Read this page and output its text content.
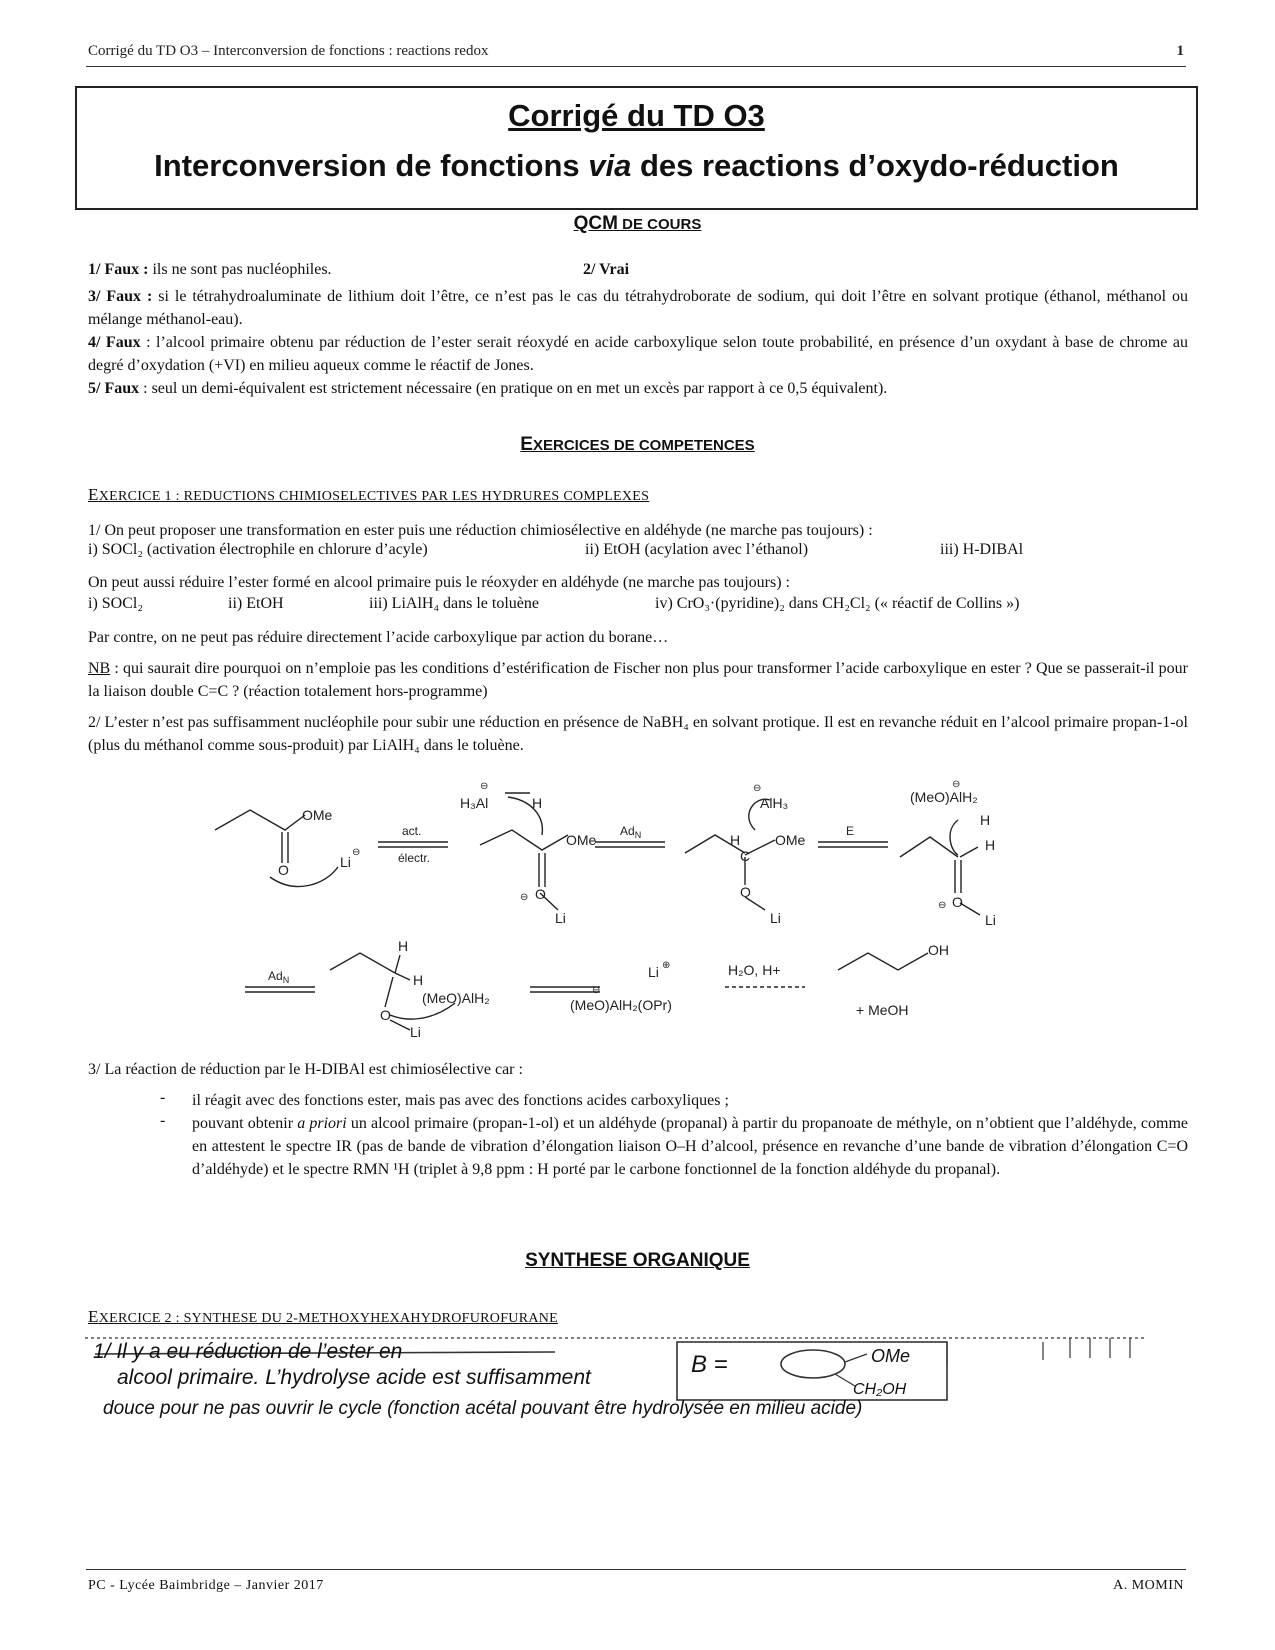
Corrigé du TD O3 – Interconversion de fonctions : reactions redox	1
Corrigé du TD O3
Interconversion de fonctions via des reactions d’oxydo-réduction
QCM DE COURS
1/ Faux : ils ne sont pas nucléophiles.	2/ Vrai
3/ Faux : si le tétrahydroaluminate de lithium doit l’être, ce n’est pas le cas du tétrahydroborate de sodium, qui doit l’être en solvant protique (éthanol, méthanol ou mélange méthanol-eau).
4/ Faux : l’alcool primaire obtenu par réduction de l’ester serait réoxydé en acide carboxylique selon toute probabilité, en présence d’un oxydant à base de chrome au degré d’oxydation (+VI) en milieu aqueux comme le réactif de Jones.
5/ Faux : seul un demi-équivalent est strictement nécessaire (en pratique on en met un excès par rapport à ce 0,5 équivalent).
EXERCICES DE COMPETENCES
EXERCICE 1 : REDUCTIONS CHIMIOSELECTIVES PAR LES HYDRURES COMPLEXES
1/ On peut proposer une transformation en ester puis une réduction chimiosélective en aldéhyde (ne marche pas toujours) :
i) SOCl₂ (activation électrophile en chlorure d’acyle)	ii) EtOH (acylation avec l’éthanol)	iii) H-DIBAl
On peut aussi réduire l’ester formé en alcool primaire puis le réoxyder en aldéhyde (ne marche pas toujours) :
i) SOCl₂	ii) EtOH	iii) LiAlH₄ dans le toluène	iv) CrO₃·(pyridine)₂ dans CH₂Cl₂ (« réactif de Collins »)
Par contre, on ne peut pas réduire directement l’acide carboxylique par action du borane…
NB : qui saurait dire pourquoi on n’emploie pas les conditions d’estérification de Fischer non plus pour transformer l’acide carboxylique en ester ? Que se passerait-il pour la liaison double C=C ? (réaction totalement hors-programme)
2/ L’ester n’est pas suffisamment nucléophile pour subir une réduction en présence de NaBH₄ en solvant protique. Il est en revanche réduit en l’alcool primaire propan-1-ol (plus du méthanol comme sous-produit) par LiAlH₄ dans le toluène.
OMe
O	Li
⊖
act.
électr.
H₃Al
⊖
H
OMe
O
⊖
Li
$Ad_N$
AlH₃
⊖
H
C
OMe
O
Li
E
(MeO)AlH₂
⊖
H
H
O
⊖
Li
$Ad_N$
H
H
O
Li
(MeO)AlH₂	(MeO)AlH₂(OPr)
⊖
Li ⊕	H₂O, H+
OH
+ MeOH
3/ La réaction de réduction par le H-DIBAl est chimiosélective car :
- il réagit avec des fonctions ester, mais pas avec des fonctions acides carboxyliques ;
- pouvant obtenir a priori un alcool primaire (propan-1-ol) et un aldéhyde (propanal) à partir du propanoate de méthyle, on n’obtient que l’aldéhyde, comme en attestent le spectre IR (pas de bande de vibration d’élongation liaison O–H d’alcool, présence en revanche d’une bande de vibration d’élongation C=O d’aldéhyde) et le spectre RMN ¹H (triplet à 9,8 ppm : H porté par le carbone fonctionnel de la fonction aldéhyde du propanal).
SYNTHESE ORGANIQUE
EXERCICE 2 : SYNTHESE DU 2-METHOXYHEXAHYDROFUROFURANE
1/ Il y a eu réduction de l’ester en
alcool primaire. L’hydrolyse acide est suffisamment
douce pour ne pas ouvrir le cycle (fonction acétal pouvant être hydrolysée en milieu acide)
B =	OMe
CH₂OH
PC - Lycée Baimbridge – Janvier 2017	A. MOMIN
